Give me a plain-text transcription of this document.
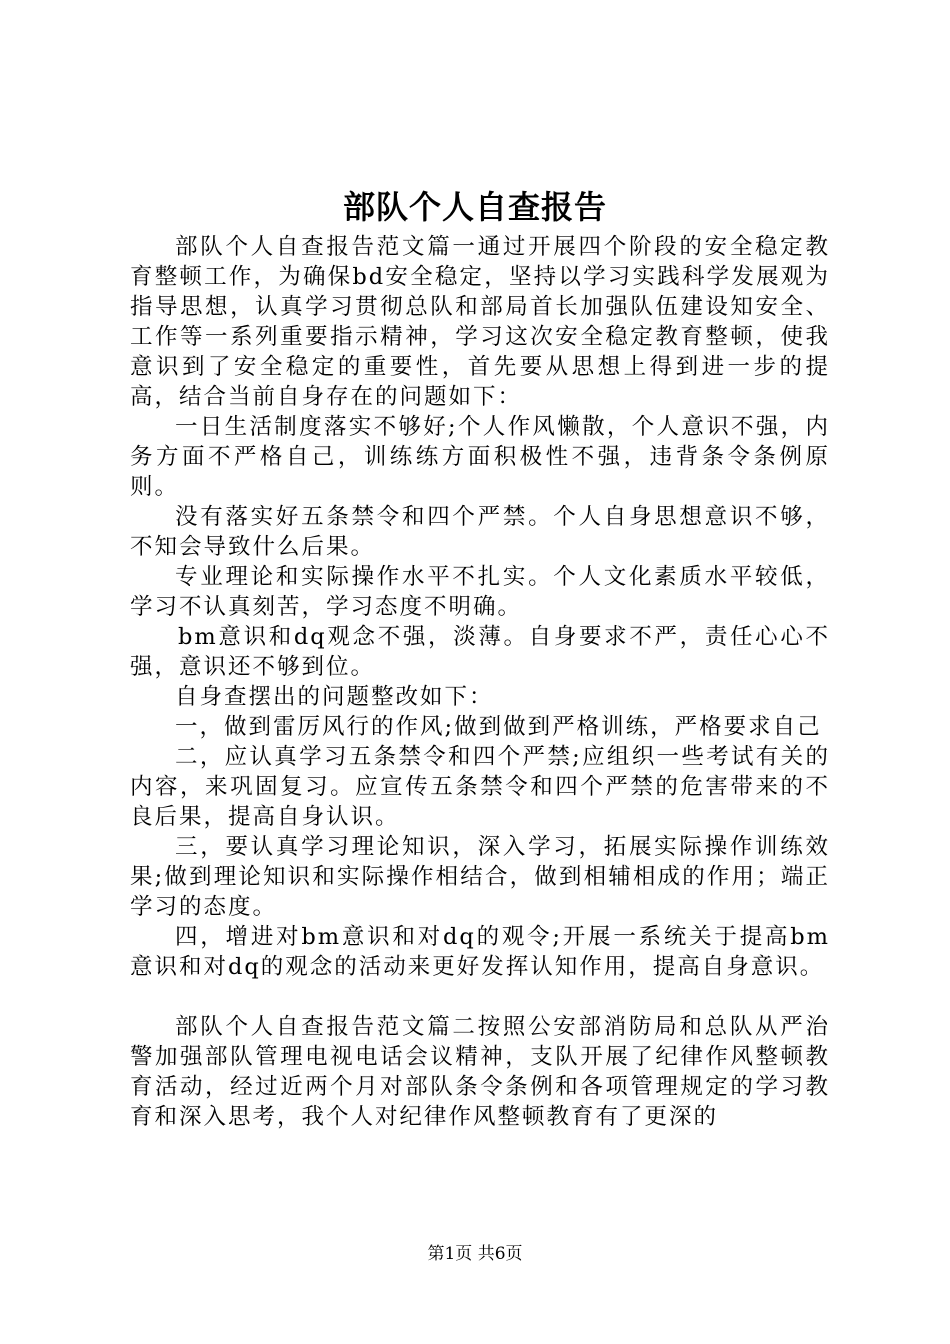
部队个人自查报告

部队个人自查报告范文篇一通过开展四个阶段的安全稳定教育整顿工作，为确保bd安全稳定，坚持以学习实践科学发展观为指导思想，认真学习贯彻总队和部局首长加强队伍建设知安全、工作等一系列重要指示精神，学习这次安全稳定教育整顿，使我意识到了安全稳定的重要性，首先要从思想上得到进一步的提高，结合当前自身存在的问题如下：

一日生活制度落实不够好;个人作风懒散，个人意识不强，内务方面不严格自己，训练练方面积极性不强，违背条令条例原则。

没有落实好五条禁令和四个严禁。个人自身思想意识不够，不知会导致什么后果。

专业理论和实际操作水平不扎实。个人文化素质水平较低，学习不认真刻苦，学习态度不明确。

bm意识和dq观念不强，淡薄。自身要求不严，责任心心不强，意识还不够到位。

自身查摆出的问题整改如下：

一，做到雷厉风行的作风;做到做到严格训练，严格要求自己

二，应认真学习五条禁令和四个严禁;应组织一些考试有关的内容，来巩固复习。应宣传五条禁令和四个严禁的危害带来的不良后果，提高自身认识。

三，要认真学习理论知识，深入学习，拓展实际操作训练效果;做到理论知识和实际操作相结合，做到相辅相成的作用；端正学习的态度。

四，增进对bm意识和对dq的观令;开展一系统关于提高bm意识和对dq的观念的活动来更好发挥认知作用，提高自身意识。

部队个人自查报告范文篇二按照公安部消防局和总队从严治警加强部队管理电视电话会议精神，支队开展了纪律作风整顿教育活动，经过近两个月对部队条令条例和各项管理规定的学习教育和深入思考，我个人对纪律作风整顿教育有了更深的

第1页 共6页
